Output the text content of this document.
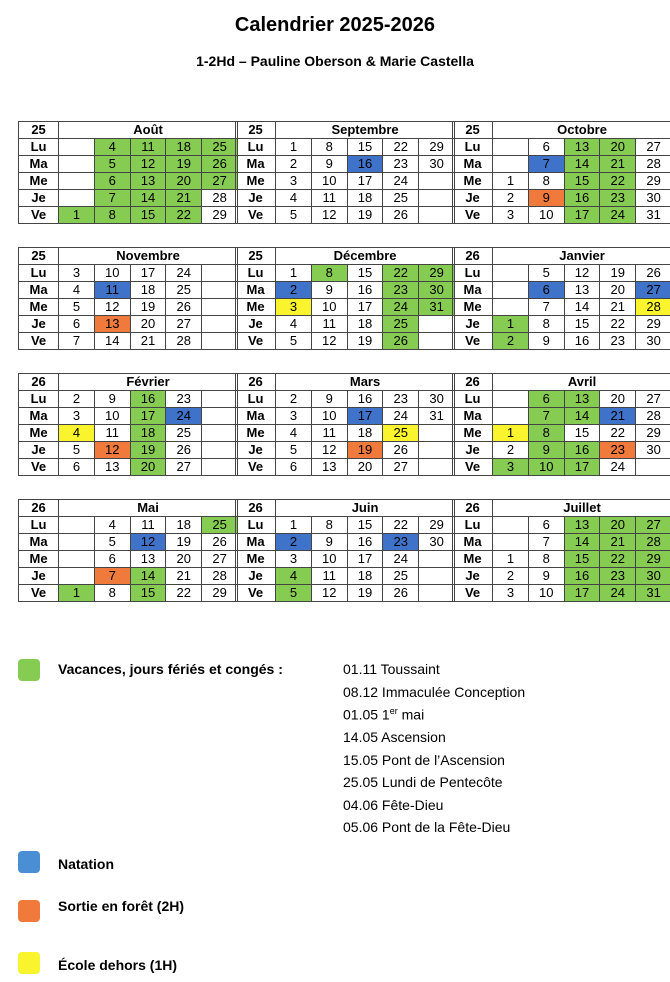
Calendrier 2025-2026
1-2Hd – Pauline Oberson & Marie Castella
25	Août				
Lu		4	11	18	25
Ma		5	12	19	26
Me		6	13	20	27
Je		7	14	21	28
Ve	1	8	15	22	29
25	Septembre				
Lu	1	8	15	22	29
Ma	2	9	16	23	30
Me	3	10	17	24	
Je	4	11	18	25	
Ve	5	12	19	26	
25	Octobre				
Lu		6	13	20	27
Ma		7	14	21	28
Me	1	8	15	22	29
Je	2	9	16	23	30
Ve	3	10	17	24	31
25	Novembre				
Lu	3	10	17	24	
Ma	4	11	18	25	
Me	5	12	19	26	
Je	6	13	20	27	
Ve	7	14	21	28	
25	Décembre				
Lu	1	8	15	22	29
Ma	2	9	16	23	30
Me	3	10	17	24	31
Je	4	11	18	25	
Ve	5	12	19	26	
26	Janvier				
Lu		5	12	19	26
Ma		6	13	20	27
Me		7	14	21	28
Je	1	8	15	22	29
Ve	2	9	16	23	30
26	Février				
Lu	2	9	16	23	
Ma	3	10	17	24	
Me	4	11	18	25	
Je	5	12	19	26	
Ve	6	13	20	27	
26	Mars				
Lu	2	9	16	23	30
Ma	3	10	17	24	31
Me	4	11	18	25	
Je	5	12	19	26	
Ve	6	13	20	27	
26	Avril				
Lu		6	13	20	27
Ma		7	14	21	28
Me	1	8	15	22	29
Je	2	9	16	23	30
Ve	3	10	17	24	
26	Mai				
Lu		4	11	18	25
Ma		5	12	19	26
Me		6	13	20	27
Je		7	14	21	28
Ve	1	8	15	22	29
26	Juin				
Lu	1	8	15	22	29
Ma	2	9	16	23	30
Me	3	10	17	24	
Je	4	11	18	25	
Ve	5	12	19	26	
26	Juillet				
Lu		6	13	20	27
Ma		7	14	21	28
Me	1	8	15	22	29
Je	2	9	16	23	30
Ve	3	10	17	24	31
Vacances, jours fériés et congés :	01.11 Toussaint
08.12 Immaculée Conception
01.05 1er mai
14.05 Ascension
15.05 Pont de l’Ascension
25.05 Lundi de Pentecôte
04.06 Fête-Dieu
05.06 Pont de la Fête-Dieu
Natation
Sortie en forêt (2H)
École dehors (1H)
